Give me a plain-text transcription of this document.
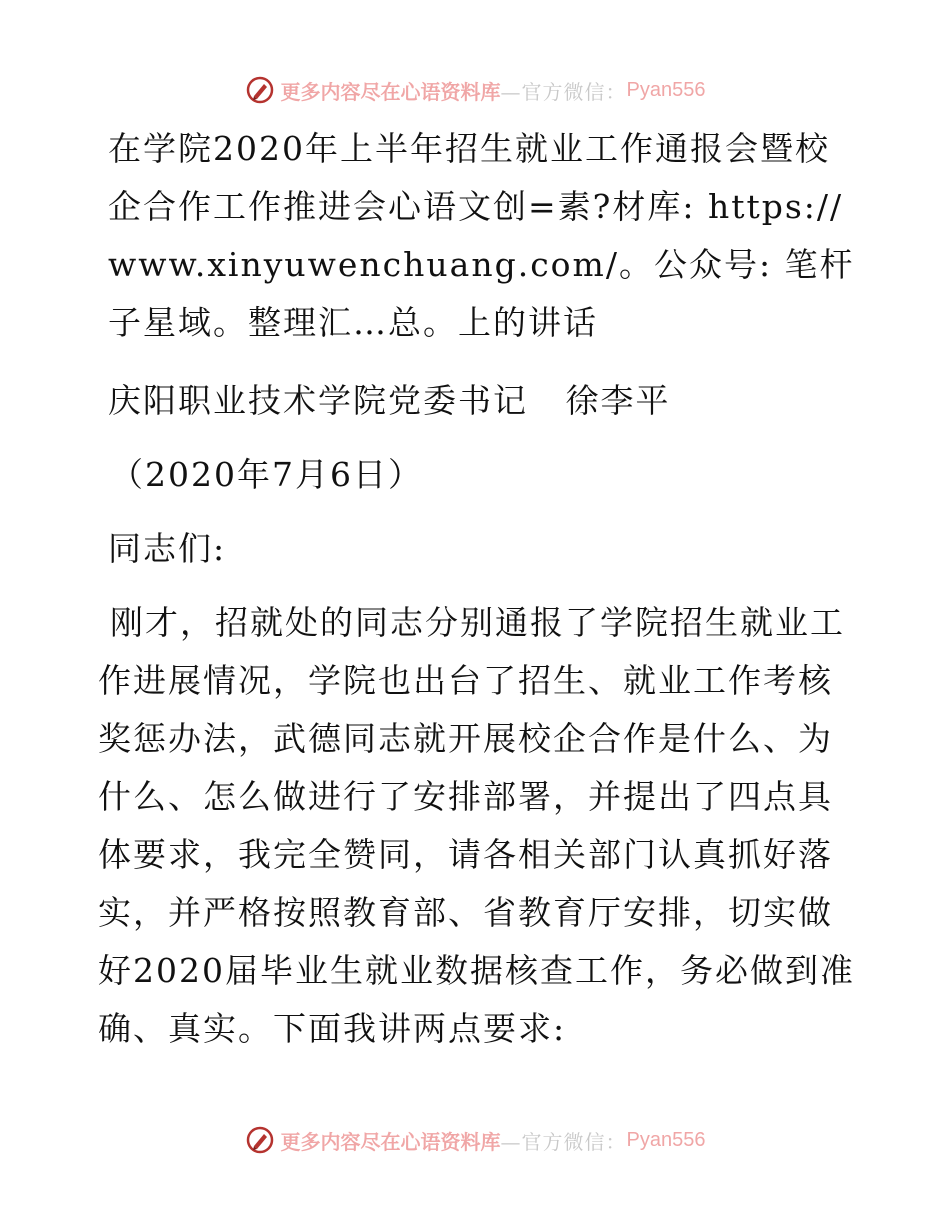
更多内容尽在心语资料库 —官方微信： Pyan556

在学院2020年上半年招生就业工作通报会暨校企合作工作推进会心语文创=素?材库: https://www.xinyuwenchuang.com/。公众号: 笔杆子星域。整理汇…总。上的讲话

庆阳职业技术学院党委书记   徐李平

（2020年7月6日）

同志们:

刚才，招就处的同志分别通报了学院招生就业工作进展情况，学院也出台了招生、就业工作考核奖惩办法，武德同志就开展校企合作是什么、为什么、怎么做进行了安排部署，并提出了四点具体要求，我完全赞同，请各相关部门认真抓好落实，并严格按照教育部、省教育厅安排，切实做好2020届毕业生就业数据核查工作，务必做到准确、真实。下面我讲两点要求:

更多内容尽在心语资料库 —官方微信： Pyan556
